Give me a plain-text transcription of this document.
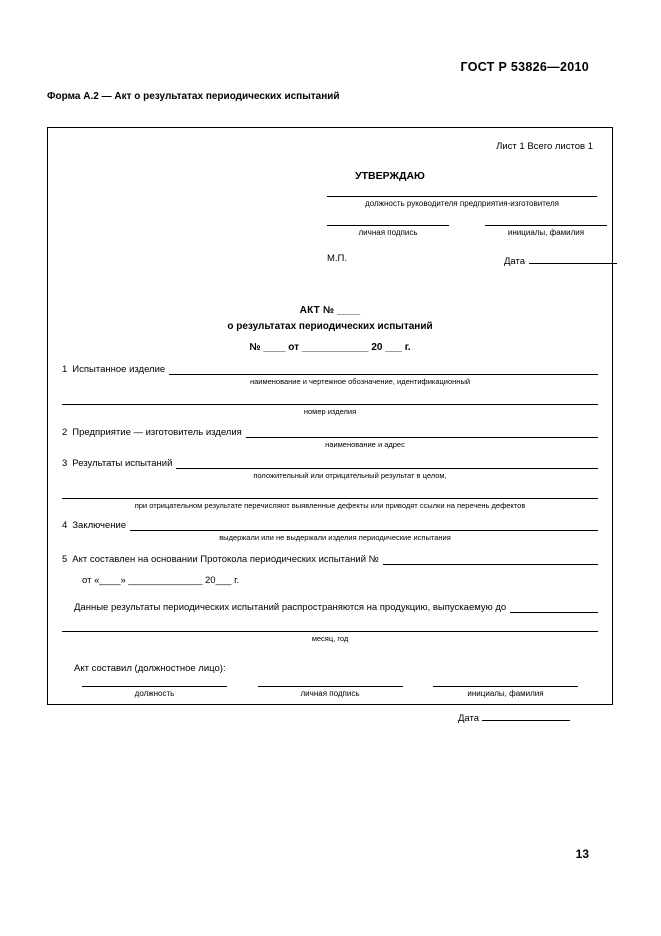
ГОСТ Р 53826—2010
Форма А.2 — Акт о результатах периодических испытаний
Лист 1 Всего листов 1
УТВЕРЖДАЮ
должность руководителя предприятия-изготовителя
личная подпись	инициалы, фамилия
М.П.	Дата
АКТ № ____
о результатах периодических испытаний
№ ____ от ____________ 20 ___ г.
1 Испытанное изделие
наименование и чертежное обозначение, идентификационный
номер изделия
2 Предприятие — изготовитель изделия
наименование и адрес
3 Результаты испытаний
положительный или отрицательный результат в целом,
при отрицательном результате перечисляют выявленные дефекты или приводят ссылки на перечень дефектов
4 Заключение
выдержали или не выдержали изделия периодические испытания
5 Акт составлен на основании Протокола периодических испытаний №
от «____» ______________ 20___ г.
Данные результаты периодических испытаний распространяются на продукцию, выпускаемую до
месяц, год
Акт составил (должностное лицо):
должность	личная подпись	инициалы, фамилия
Дата
13
